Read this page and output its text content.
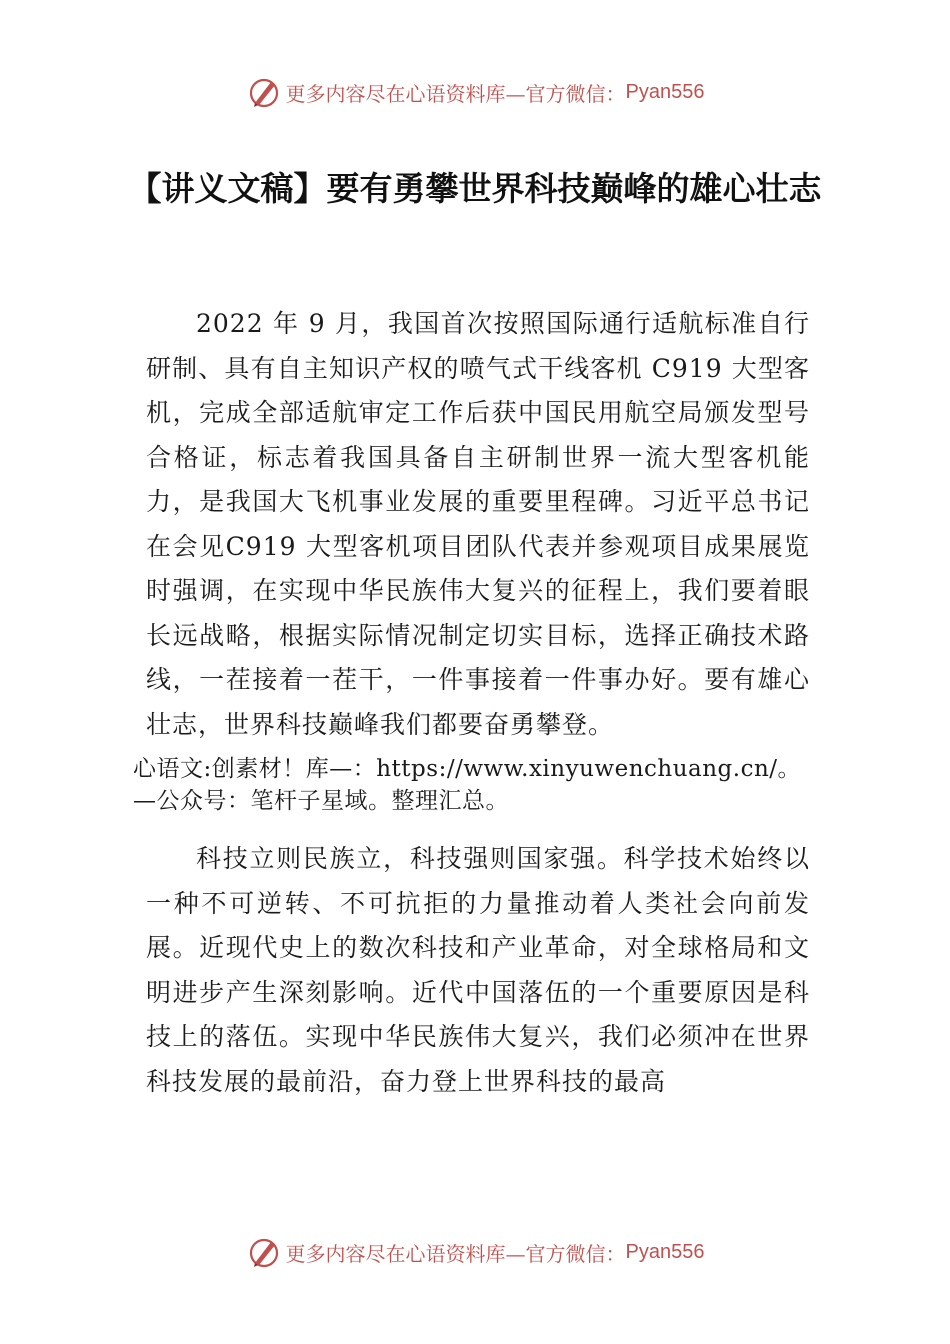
更多内容尽在心语资料库—官方微信： Pyan556
【讲义文稿】要有勇攀世界科技巅峰的雄心壮志

2022 年 9 月，我国首次按照国际通行适航标准自行研制、具有自主知识产权的喷气式干线客机 C919 大型客机，完成全部适航审定工作后获中国民用航空局颁发型号合格证，标志着我国具备自主研制世界一流大型客机能力，是我国大飞机事业发展的重要里程碑。习近平总书记在会见C919 大型客机项目团队代表并参观项目成果展览时强调，在实现中华民族伟大复兴的征程上，我们要着眼长远战略，根据实际情况制定切实目标，选择正确技术路线，一茬接着一茬干，一件事接着一件事办好。要有雄心壮志，世界科技巅峰我们都要奋勇攀登。

心语文:创素材！库—：https://www.xinyuwenchuang.cn/。—公众号：笔杆子星域。整理汇总。

科技立则民族立，科技强则国家强。科学技术始终以一种不可逆转、不可抗拒的力量推动着人类社会向前发展。近现代史上的数次科技和产业革命，对全球格局和文明进步产生深刻影响。近代中国落伍的一个重要原因是科技上的落伍。实现中华民族伟大复兴，我们必须冲在世界科技发展的最前沿，奋力登上世界科技的最高

更多内容尽在心语资料库—官方微信： Pyan556
